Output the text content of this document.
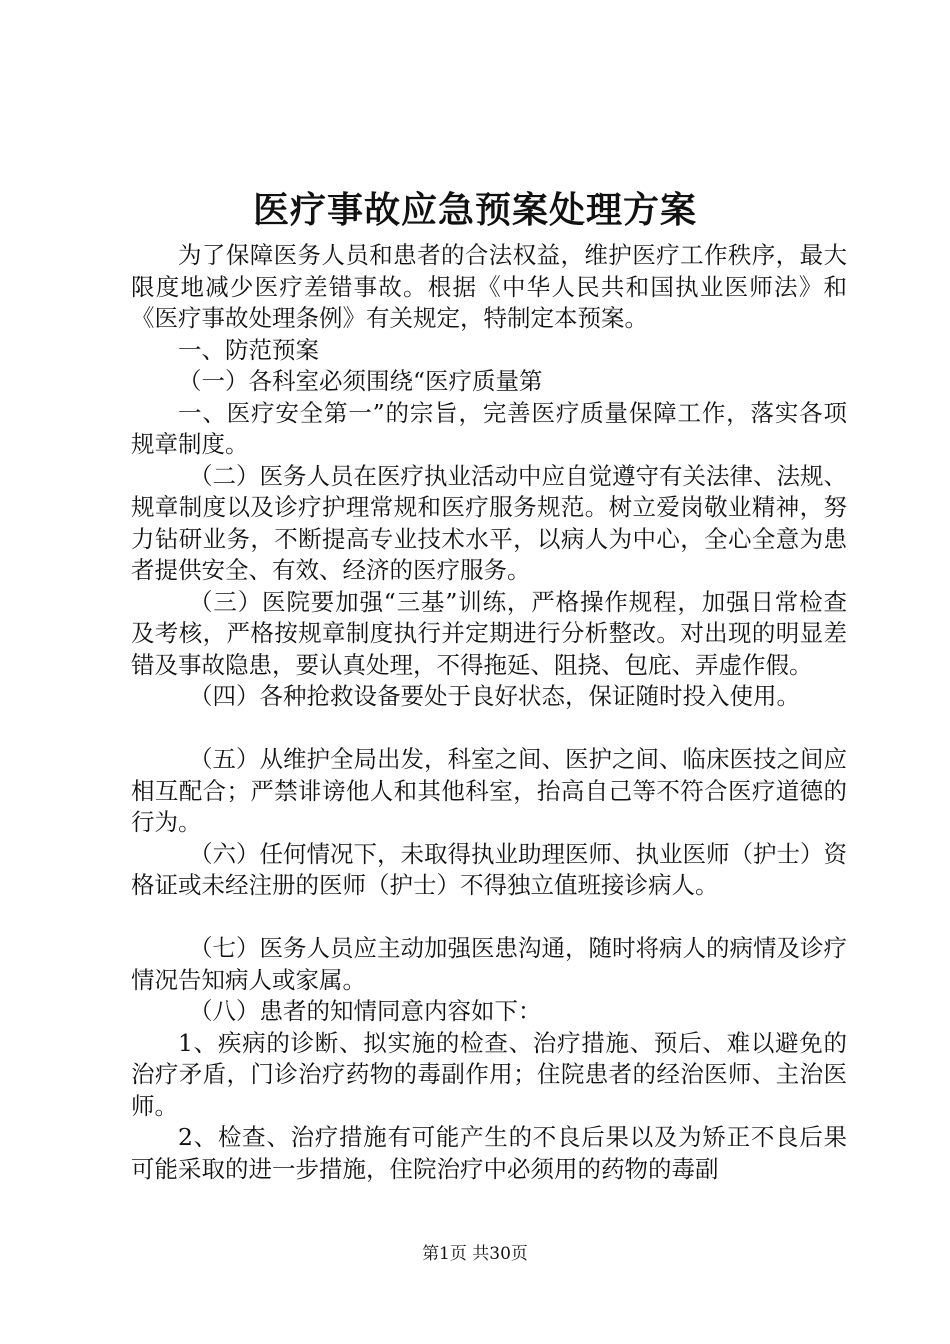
医疗事故应急预案处理方案

为了保障医务人员和患者的合法权益，维护医疗工作秩序，最大限度地减少医疗差错事故。根据《中华人民共和国执业医师法》和《医疗事故处理条例》有关规定，特制定本预案。

一、防范预案

（一）各科室必须围绕“医疗质量第

一、医疗安全第一”的宗旨，完善医疗质量保障工作，落实各项规章制度。

（二）医务人员在医疗执业活动中应自觉遵守有关法律、法规、规章制度以及诊疗护理常规和医疗服务规范。树立爱岗敬业精神，努力钻研业务，不断提高专业技术水平，以病人为中心，全心全意为患者提供安全、有效、经济的医疗服务。

（三）医院要加强“三基”训练，严格操作规程，加强日常检查及考核，严格按规章制度执行并定期进行分析整改。对出现的明显差错及事故隐患，要认真处理，不得拖延、阻挠、包庇、弄虚作假。

（四）各种抢救设备要处于良好状态，保证随时投入使用。

（五）从维护全局出发，科室之间、医护之间、临床医技之间应相互配合；严禁诽谤他人和其他科室，抬高自己等不符合医疗道德的行为。

（六）任何情况下，未取得执业助理医师、执业医师（护士）资格证或未经注册的医师（护士）不得独立值班接诊病人。

（七）医务人员应主动加强医患沟通，随时将病人的病情及诊疗情况告知病人或家属。

（八）患者的知情同意内容如下：

1、疾病的诊断、拟实施的检查、治疗措施、预后、难以避免的治疗矛盾，门诊治疗药物的毒副作用；住院患者的经治医师、主治医师。

2、检查、治疗措施有可能产生的不良后果以及为矫正不良后果可能采取的进一步措施，住院治疗中必须用的药物的毒副

第1页 共30页
